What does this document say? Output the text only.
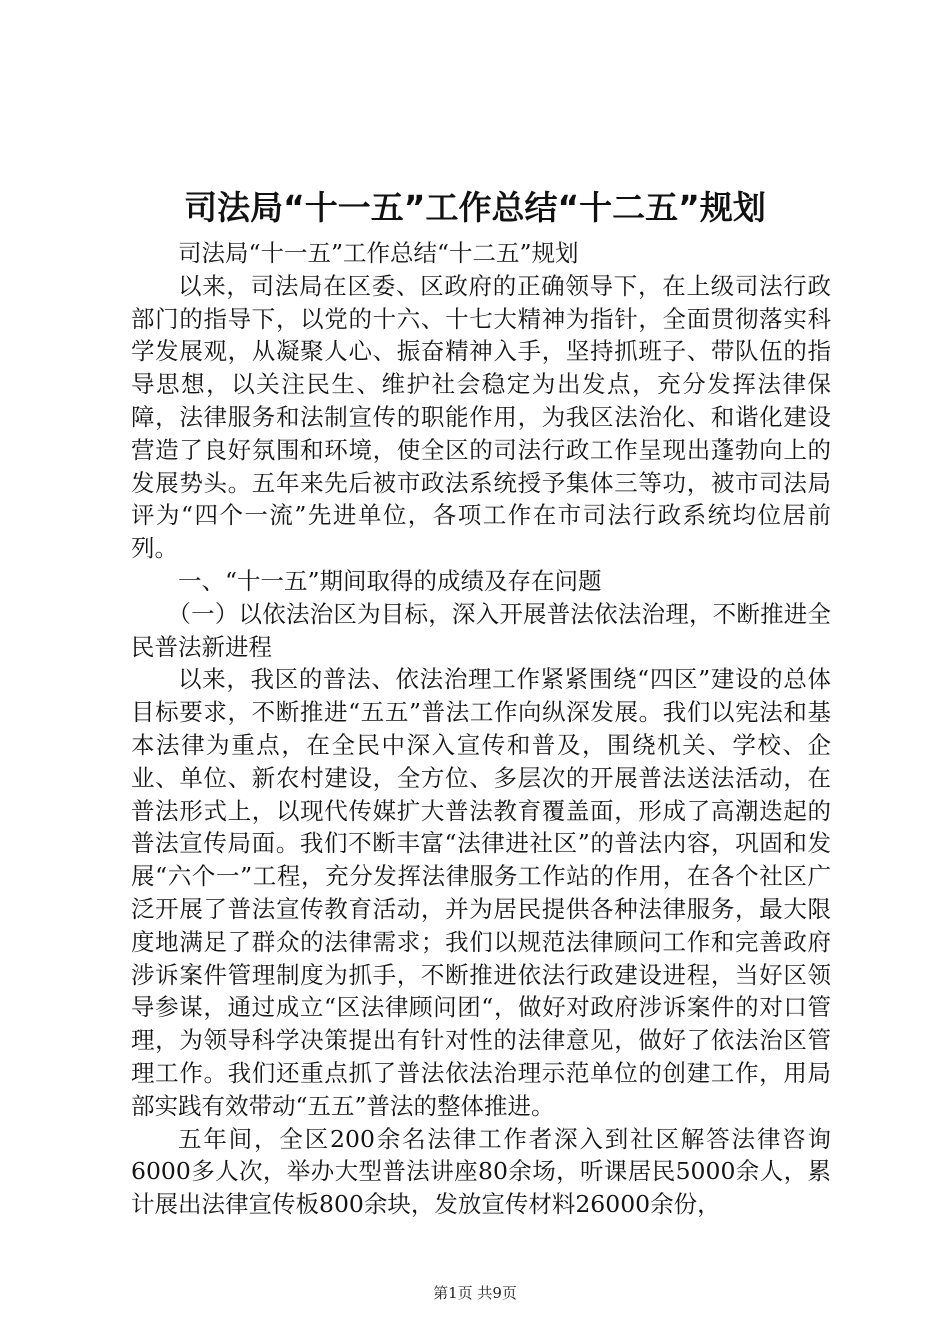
司法局“十一五”工作总结“十二五”规划

司法局“十一五”工作总结“十二五”规划

以来，司法局在区委、区政府的正确领导下，在上级司法行政部门的指导下，以党的十六、十七大精神为指针，全面贯彻落实科学发展观，从凝聚人心、振奋精神入手，坚持抓班子、带队伍的指导思想，以关注民生、维护社会稳定为出发点，充分发挥法律保障，法律服务和法制宣传的职能作用，为我区法治化、和谐化建设营造了良好氛围和环境，使全区的司法行政工作呈现出蓬勃向上的发展势头。五年来先后被市政法系统授予集体三等功，被市司法局评为“四个一流”先进单位，各项工作在市司法行政系统均位居前列。

一、“十一五”期间取得的成绩及存在问题

（一）以依法治区为目标，深入开展普法依法治理，不断推进全民普法新进程

以来，我区的普法、依法治理工作紧紧围绕“四区”建设的总体目标要求，不断推进“五五”普法工作向纵深发展。我们以宪法和基本法律为重点，在全民中深入宣传和普及，围绕机关、学校、企业、单位、新农村建设，全方位、多层次的开展普法送法活动，在普法形式上，以现代传媒扩大普法教育覆盖面，形成了高潮迭起的普法宣传局面。我们不断丰富“法律进社区”的普法内容，巩固和发展“六个一”工程，充分发挥法律服务工作站的作用，在各个社区广泛开展了普法宣传教育活动，并为居民提供各种法律服务，最大限度地满足了群众的法律需求；我们以规范法律顾问工作和完善政府涉诉案件管理制度为抓手，不断推进依法行政建设进程，当好区领导参谋，通过成立“区法律顾问团“，做好对政府涉诉案件的对口管理，为领导科学决策提出有针对性的法律意见，做好了依法治区管理工作。我们还重点抓了普法依法治理示范单位的创建工作，用局部实践有效带动“五五”普法的整体推进。

五年间，全区200余名法律工作者深入到社区解答法律咨询6000多人次，举办大型普法讲座80余场，听课居民5000余人，累计展出法律宣传板800余块，发放宣传材料26000余份，

第1页 共9页
